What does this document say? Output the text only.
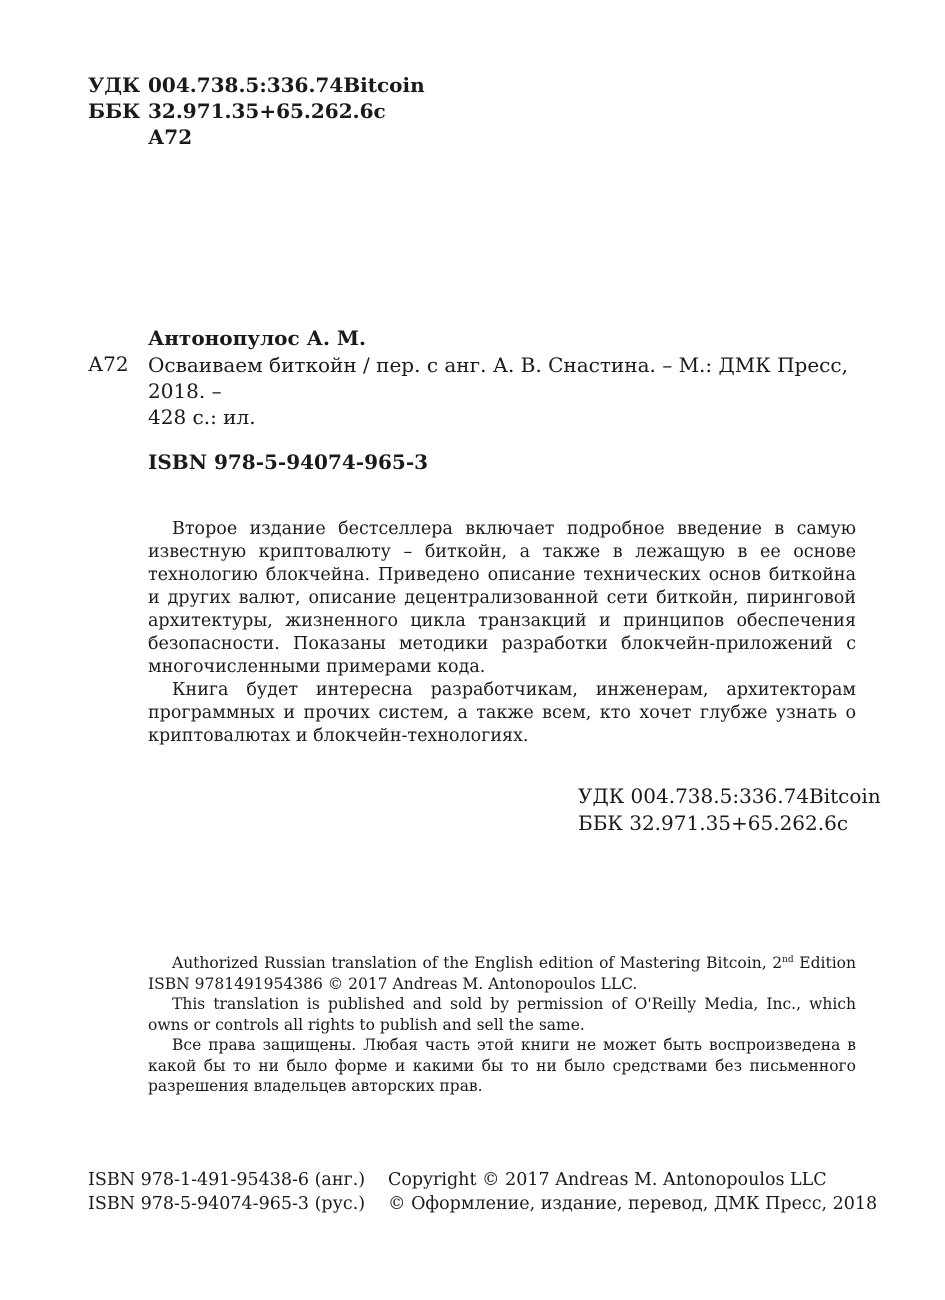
УДК 004.738.5:336.74Bitcoin
ББК 32.971.35+65.262.6с
А72
Антонопулос А. М.
А72 Осваиваем биткойн / пер. с анг. А. В. Снастина. – М.: ДМК Пресс, 2018. –
428 с.: ил.
ISBN 978-5-94074-965-3

Второе издание бестселлера включает подробное введение в самую известную криптовалюту – биткойн, а также в лежащую в ее основе технологию блокчейна. Приведено описание технических основ биткойна и других валют, описание децентрализованной сети биткойн, пиринговой архитектуры, жизненного цикла транзакций и принципов обеспечения безопасности. Показаны методики разработки блокчейн-приложений с многочисленными примерами кода.

Книга будет интересна разработчикам, инженерам, архитекторам программных и прочих систем, а также всем, кто хочет глубже узнать о криптовалютах и блокчейн-технологиях.

УДК 004.738.5:336.74Bitcoin
ББК 32.971.35+65.262.6с

Authorized Russian translation of the English edition of Mastering Bitcoin, 2nd Edition ISBN 9781491954386 © 2017 Andreas M. Antonopoulos LLC.

This translation is published and sold by permission of O'Reilly Media, Inc., which owns or controls all rights to publish and sell the same.

Все права защищены. Любая часть этой книги не может быть воспроизведена в какой бы то ни было форме и какими бы то ни было средствами без письменного разрешения владельцев авторских прав.

ISBN 978-1-491-95438-6 (анг.)
ISBN 978-5-94074-965-3 (рус.)
Copyright © 2017 Andreas M. Antonopoulos LLC
© Оформление, издание, перевод, ДМК Пресс, 2018
